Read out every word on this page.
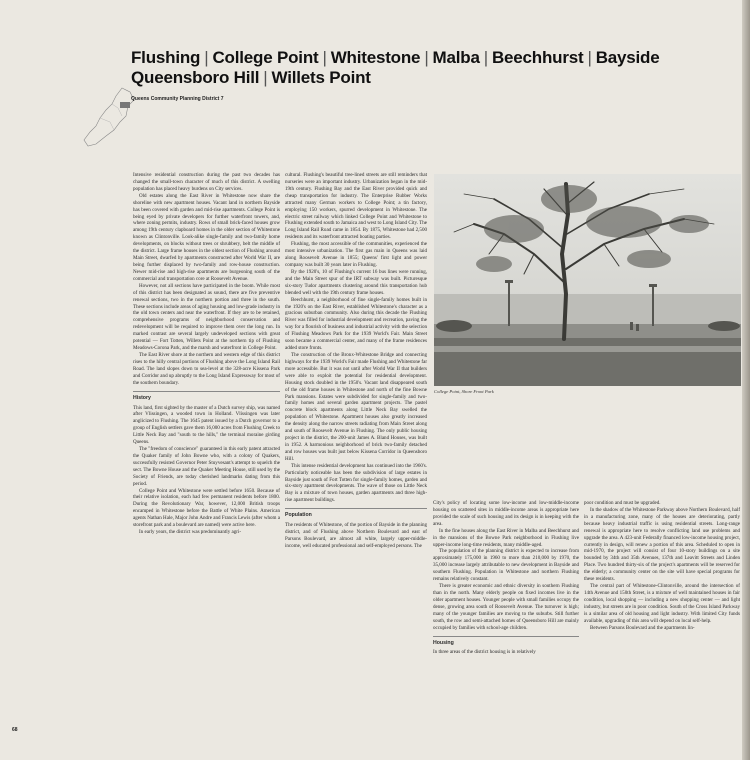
Flushing | College Point | Whitestone | Malba | Beechhurst | Bayside
Queensboro Hill | Willets Point
Queens Community Planning District 7

Intensive residential construction during the past two decades has changed the small-town character of much of this district. A swelling population has placed heavy burdens on City services.

Old estates along the East River in Whitestone now share the shoreline with new apartment houses. Vacant land in northern Bayside has been covered with garden and mid-rise apartments. College Point is being eyed by private developers for further waterfront towers, and, where zoning permits, industry. Rows of small brick-faced houses grow among 19th century clapboard homes in the older section of Whitestone known as Clintonville. Look-alike single-family and two-family home developments, on blocks without trees or shrubbery, belt the middle of the district. Large frame houses in the oldest section of Flushing around Main Street, dwarfed by apartments constructed after World War II, are being further displaced by two-family and row-house construction. Newer mid-rise and high-rise apartments are burgeoning south of the commercial and transportation core at Roosevelt Avenue.

However, not all sections have participated in the boom. While most of this district has been designated as sound, there are five preventive renewal sections, two in the northern portion and three in the south. These sections include areas of aging housing and low-grade industry in the old town centers and near the waterfront. If they are to be retained, comprehensive programs of neighborhood conservation and redevelopment will be required to improve them over the long run. In marked contrast are several largely undeveloped sections with great potential — Fort Totten, Willets Point at the northern tip of Flushing Meadows-Corona Park, and the marsh and waterfront in College Point.

The East River shore at the northern and western edge of this district rises to the hilly central portions of Flushing above the Long Island Rail Road. The land slopes down to sea-level at the 328-acre Kissena Park and Corridor and up abruptly to the Long Island Expressway for most of the southern boundary.

History

This land, first sighted by the master of a Dutch survey ship, was named after Vlissingen, a wooded town in Holland. Vlissingen was later anglicized to Flushing. The 1645 patent issued by a Dutch governor to a group of English settlers gave them 16,000 acres from Flushing Creek to Little Neck Bay and "south to the hills," the terminal moraine girding Queens.

The "freedom of conscience" guaranteed in this early patent attracted the Quaker family of John Bowne who, with a colony of Quakers, successfully resisted Governor Peter Stuyvesant's attempt to squelch the sect. The Bowne House and the Quaker Meeting House, still used by the Society of Friends, are today cherished landmarks dating from this period.

College Point and Whitestone were settled before 1650. Because of their relative isolation, each had few permanent residents before 1800. During the Revolutionary War, however, 12,000 British troops encamped in Whitestone before the Battle of White Plains. American agents Nathan Hale, Major John Andre and Francis Lewis (after whom a storefront park and a boulevard are named) were active here.

In early years, the district was predominantly agri-

cultural. Flushing's beautiful tree-lined streets are still reminders that nurseries were an important industry. Urbanization began in the mid-19th century. Flushing Bay and the East River provided quick and cheap transportation for industry. The Enterprise Rubber Works attracted many German workers to College Point; a tin factory, employing 150 workers, spurred development in Whitestone. The electric street railway which linked College Point and Whitestone to Flushing extended south to Jamaica and west to Long Island City. The Long Island Rail Road came in 1854. By 1875, Whitestone had 2,500 residents and its waterfront attracted boating parties.

Flushing, the most accessible of the communities, experienced the most intensive urbanization. The first gas main in Queens was laid along Roosevelt Avenue in 1855; Queens' first light and power company was built 30 years later in Flushing.

By the 1920's, 10 of Flushing's current 16 bus lines were running, and the Main Street spur of the IRT subway was built. Picturesque six-story Tudor apartments clustering around this transportation hub blended well with the 19th century frame houses.

Beechhurst, a neighborhood of fine single-family homes built in the 1920's on the East River, established Whitestone's character as a gracious suburban community. Also during this decade the Flushing River was filled for industrial development and recreation, paving the way for a flourish of business and industrial activity with the selection of Flushing Meadows Park for the 1939 World's Fair. Main Street soon became a commercial center, and many of the frame residences added store fronts.

The construction of the Bronx-Whitestone Bridge and connecting highways for the 1939 World's Fair made Flushing and Whitestone far more accessible. But it was not until after World War II that builders were able to exploit the potential for residential development. Housing stock doubled in the 1950's. Vacant land disappeared south of the old frame houses in Whitestone and north of the fine Bowne Park mansions. Estates were subdivided for single-family and two-family homes and several garden apartment projects. The pastel concrete block apartments along Little Neck Bay swelled the population of Whitestone. Apartment houses also greatly increased the density along the narrow streets radiating from Main Street along and south of Roosevelt Avenue in Flushing. The only public housing project in the district, the 200-unit James A. Bland Houses, was built in 1952. A harmonious neighborhood of brick two-family detached and row houses was built just below Kissena Corridor in Queensboro Hill.

This intense residential development has continued into the 1960's. Particularly noticeable has been the subdivision of large estates in Bayside just south of Fort Totten for single-family homes, garden and six-story apartment developments. The wave of those on Little Neck Bay is a mixture of town houses, garden apartments and three high-rise apartment buildings.

Population

The residents of Whitestone, of the portion of Bayside in the planning district, and of Flushing above Northern Boulevard and east of Parsons Boulevard, are almost all white, largely upper-middle-income, well educated professional and self-employed persons. The

College Point, Shore Front Park

City's policy of locating some low-income and low-middle-income housing on scattered sites in middle-income areas is appropriate here provided the scale of such housing and its design is in keeping with the area.

In the fine houses along the East River in Malba and Beechhurst and in the mansions of the Bowne Park neighborhood in Flushing live upper-income long-time residents, many middle-aged.

The population of the planning district is expected to increase from approximately 175,000 in 1960 to more than 210,000 by 1970, the 35,000 increase largely attributable to new development in Bayside and southern Flushing. Population in Whitestone and northern Flushing remains relatively constant.

There is greater economic and ethnic diversity in southern Flushing than in the north. Many elderly people on fixed incomes live in the older apartment houses. Younger people with small families occupy the dense, growing area south of Roosevelt Avenue. The turnover is high; many of the younger families are moving to the suburbs. Still further south, the row and semi-attached homes of Queensboro Hill are mainly occupied by families with school-age children.

Housing

In three areas of the district housing is in relatively

poor condition and must be upgraded.

In the shadow of the Whitestone Parkway above Northern Boulevard, half in a manufacturing zone, many of the houses are deteriorating, partly because heavy industrial traffic is using residential streets. Long-range renewal is appropriate here to resolve conflicting land use problems and upgrade the area. A 423-unit Federally financed low-income housing project, currently in design, will renew a portion of this area. Scheduled to open in mid-1970, the project will consist of four 10-story buildings on a site bounded by 34th and 35th Avenues, 137th and Leavitt Streets and Linden Place. Two hundred thirty-six of the project's apartments will be reserved for the elderly; a community center on the site will have special programs for these residents.

The central part of Whitestone-Clintonville, around the intersection of 14th Avenue and 150th Street, is a mixture of well maintained houses in fair condition, local shopping — including a new shopping center — and light industry, but streets are in poor condition. South of the Cross Island Parkway is a similar area of old housing and light industry. With limited City funds available, upgrading of this area will depend on local self-help.

Between Parsons Boulevard and the apartments lin-

68
